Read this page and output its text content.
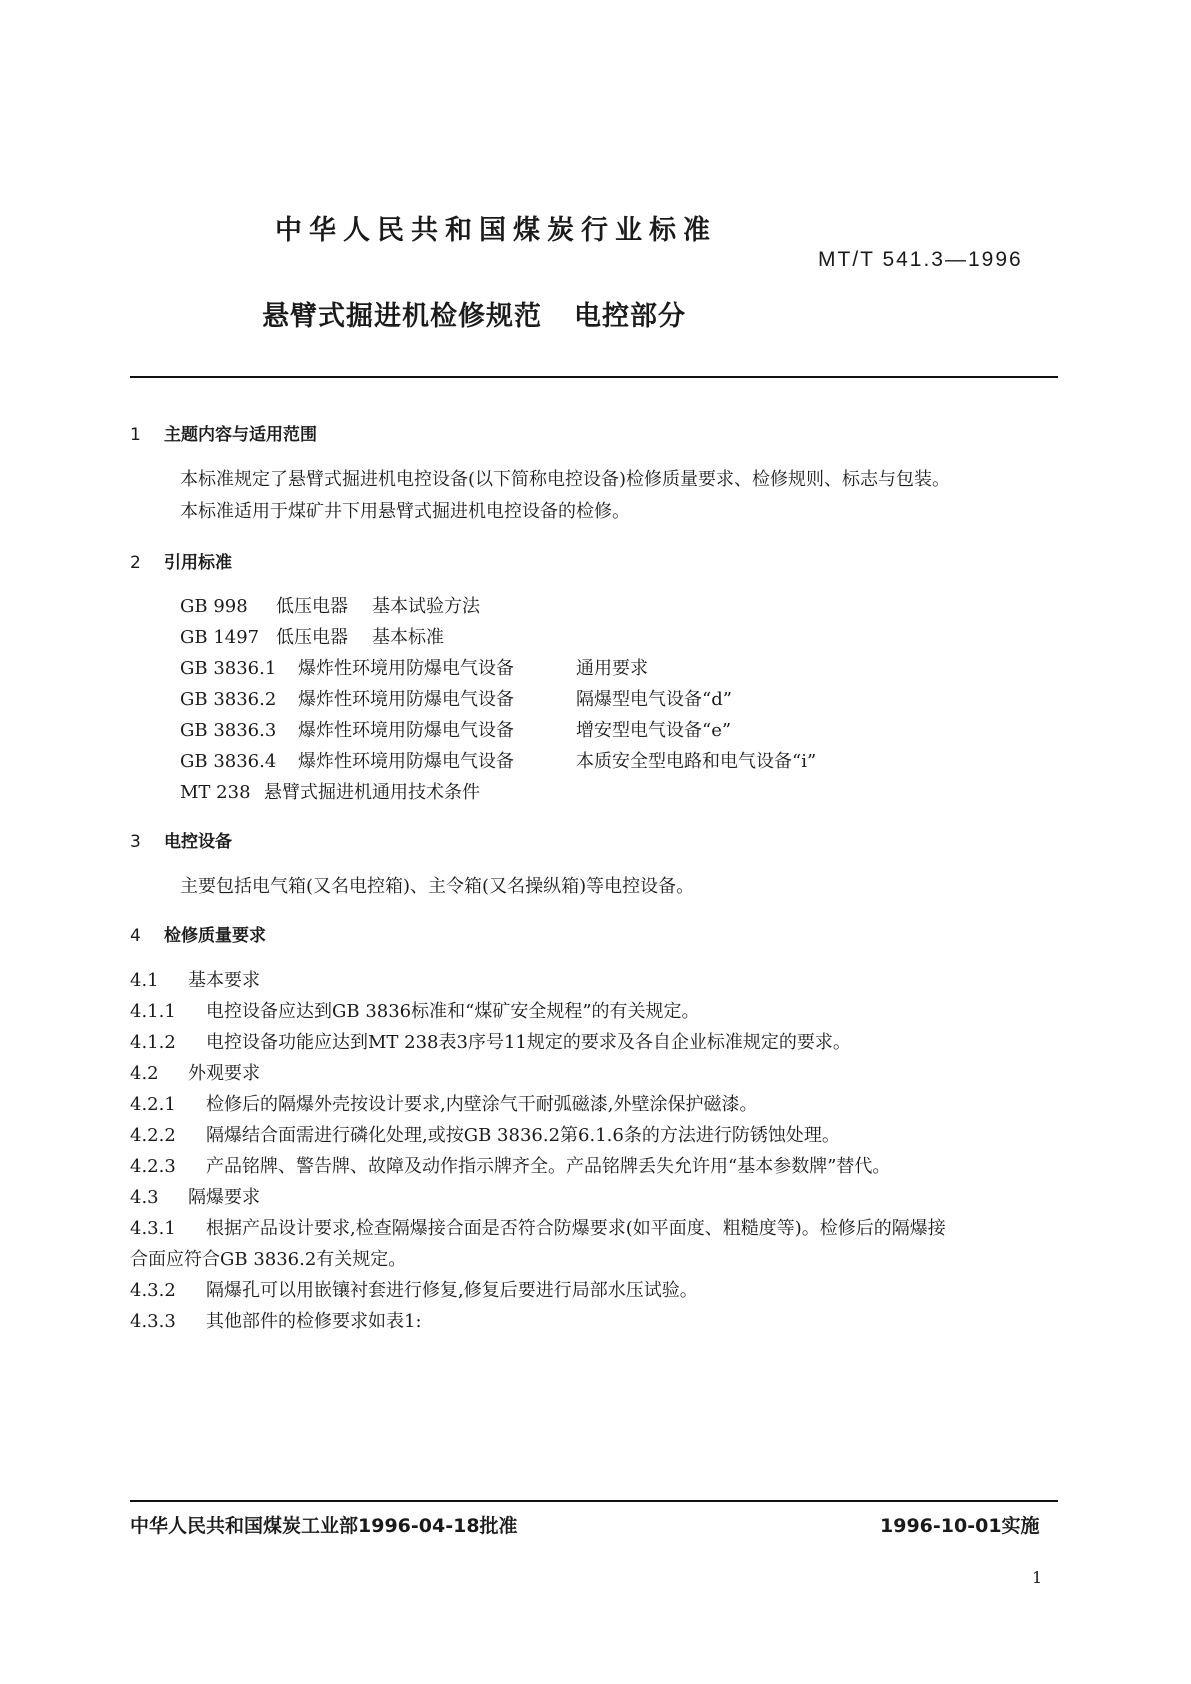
中华人民共和国煤炭行业标准
MT/T 541.3—1996
悬臂式掘进机检修规范 电控部分
1 主题内容与适用范围
本标准规定了悬臂式掘进机电控设备(以下简称电控设备)检修质量要求、检修规则、标志与包装。
本标准适用于煤矿井下用悬臂式掘进机电控设备的检修。
2 引用标准
GB 998 低压电器 基本试验方法
GB 1497 低压电器 基本标准
GB 3836.1 爆炸性环境用防爆电气设备	通用要求
GB 3836.2 爆炸性环境用防爆电气设备	隔爆型电气设备“d”
GB 3836.3 爆炸性环境用防爆电气设备	增安型电气设备“e”
GB 3836.4 爆炸性环境用防爆电气设备	本质安全型电路和电气设备“i”
MT 238 悬臂式掘进机通用技术条件
3 电控设备
主要包括电气箱(又名电控箱)、主令箱(又名操纵箱)等电控设备。
4 检修质量要求
4.1 基本要求
4.1.1 电控设备应达到GB 3836标准和“煤矿安全规程”的有关规定。
4.1.2 电控设备功能应达到MT 238表3序号11规定的要求及各自企业标准规定的要求。
4.2 外观要求
4.2.1 检修后的隔爆外壳按设计要求,内壁涂气干耐弧磁漆,外壁涂保护磁漆。
4.2.2 隔爆结合面需进行磷化处理,或按GB 3836.2第6.1.6条的方法进行防锈蚀处理。
4.2.3 产品铭牌、警告牌、故障及动作指示牌齐全。产品铭牌丢失允许用“基本参数牌”替代。
4.3 隔爆要求
4.3.1 根据产品设计要求,检查隔爆接合面是否符合防爆要求(如平面度、粗糙度等)。检修后的隔爆接
合面应符合GB 3836.2有关规定。
4.3.2 隔爆孔可以用嵌镶衬套进行修复,修复后要进行局部水压试验。
4.3.3 其他部件的检修要求如表1:
中华人民共和国煤炭工业部1996-04-18批准	1996-10-01实施
1
